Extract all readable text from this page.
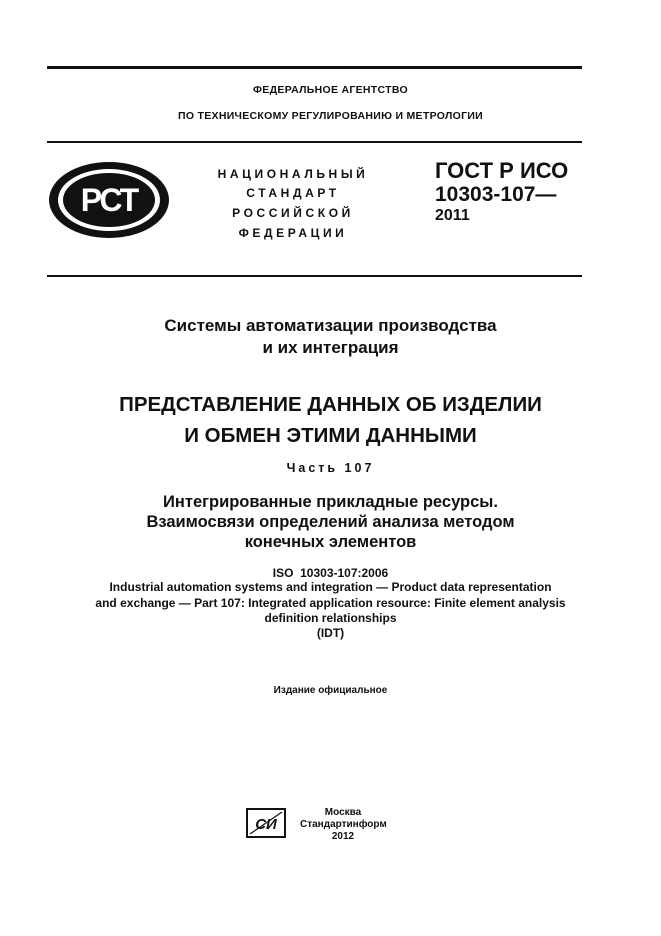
ФЕДЕРАЛЬНОЕ АГЕНТСТВО
ПО ТЕХНИЧЕСКОМУ РЕГУЛИРОВАНИЮ И МЕТРОЛОГИИ
РСТ
НАЦИОНАЛЬНЫЙ
СТАНДАРТ
РОССИЙСКОЙ
ФЕДЕРАЦИИ
ГОСТ Р ИСО
10303-107—
2011
Системы автоматизации производства
и их интеграция
ПРЕДСТАВЛЕНИЕ ДАННЫХ ОБ ИЗДЕЛИИ
И ОБМЕН ЭТИМИ ДАННЫМИ
Часть 107
Интегрированные прикладные ресурсы.
Взаимосвязи определений анализа методом
конечных элементов
ISO  10303-107:2006
Industrial automation systems and integration — Product data representation
and exchange — Part 107: Integrated application resource: Finite element analysis
definition relationships
(IDT)
Издание официальное
СИ
Москва
Стандартинформ
2012
